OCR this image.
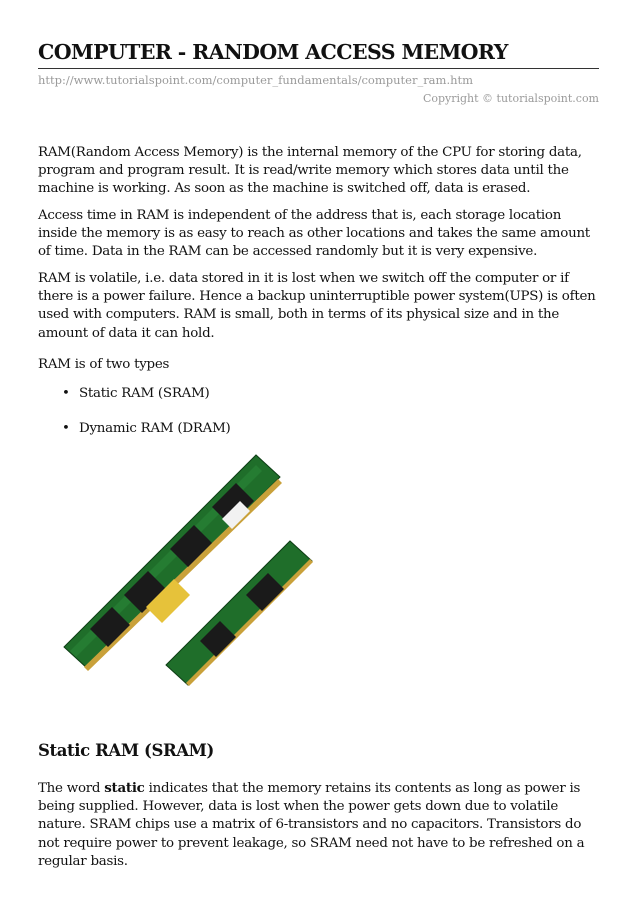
COMPUTER - RANDOM ACCESS MEMORY
http://www.tutorialspoint.com/computer_fundamentals/computer_ram.htm
Copyright © tutorialspoint.com

RAM(Random Access Memory) is the internal memory of the CPU for storing data, program and program result. It is read/write memory which stores data until the machine is working. As soon as the machine is switched off, data is erased.

Access time in RAM is independent of the address that is, each storage location inside the memory is as easy to reach as other locations and takes the same amount of time. Data in the RAM can be accessed randomly but it is very expensive.

RAM is volatile, i.e. data stored in it is lost when we switch off the computer or if there is a power failure. Hence a backup uninterruptible power system(UPS) is often used with computers. RAM is small, both in terms of its physical size and in the amount of data it can hold.

RAM is of two types

• Static RAM (SRAM)
• Dynamic RAM (DRAM)
Static RAM (SRAM)

The word static indicates that the memory retains its contents as long as power is being supplied. However, data is lost when the power gets down due to volatile nature. SRAM chips use a matrix of 6-transistors and no capacitors. Transistors do not require power to prevent leakage, so SRAM need not have to be refreshed on a regular basis.
